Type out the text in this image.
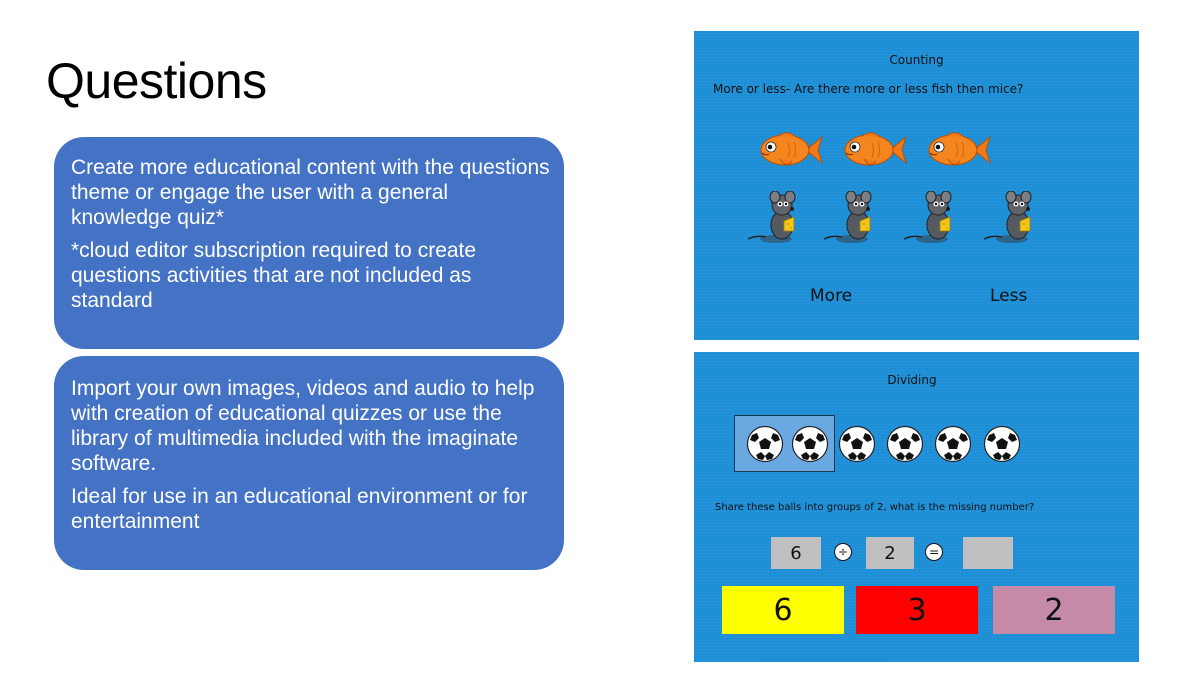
Questions

Create more educational content with the questions theme or engage the user with a general knowledge quiz*

*cloud editor subscription required to create questions activities that are not included as standard

Import your own images, videos and audio to help with creation of educational quizzes or use the library of multimedia included with the imaginate software.

Ideal for use in an educational environment or for entertainment

Counting
More or less- Are there more or less fish then mice?
More	Less
Dividing
Share these balls into groups of 2, what is the missing number?
6	÷	2	=
6	3	2
